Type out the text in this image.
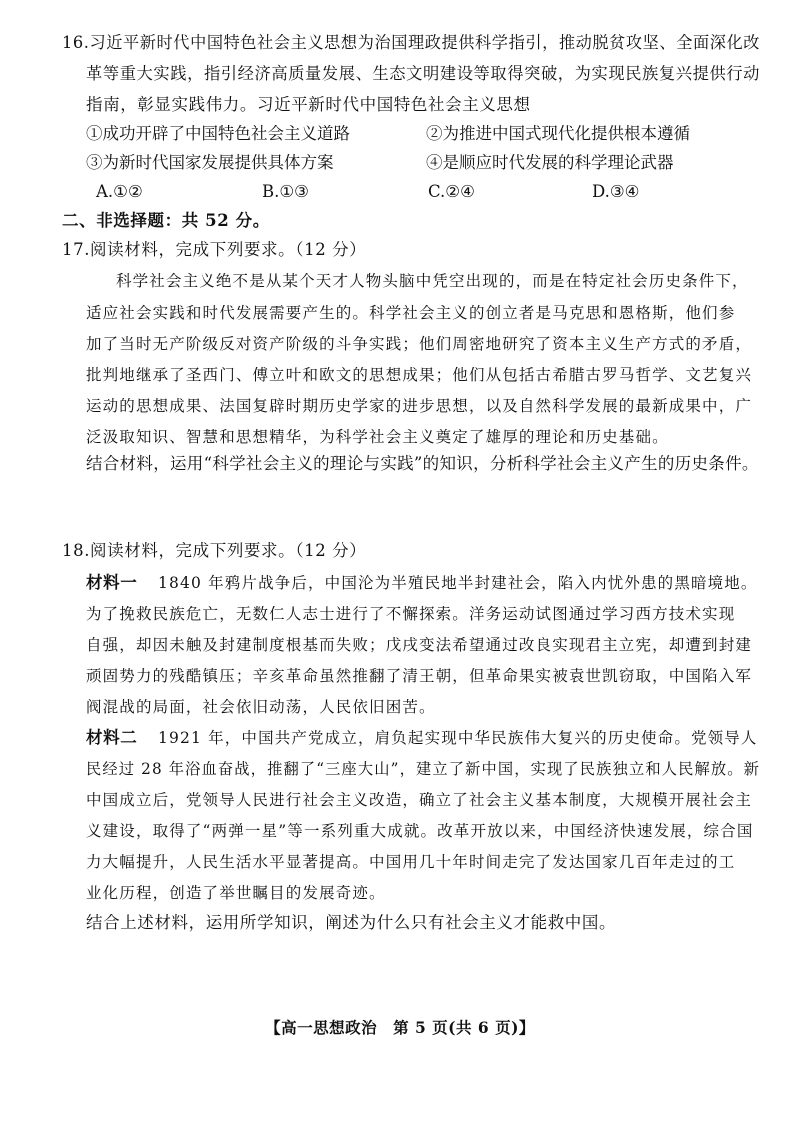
16.习近平新时代中国特色社会主义思想为治国理政提供科学指引，推动脱贫攻坚、全面深化改
革等重大实践，指引经济高质量发展、生态文明建设等取得突破，为实现民族复兴提供行动
指南，彰显实践伟力。习近平新时代中国特色社会主义思想
①成功开辟了中国特色社会主义道路	②为推进中国式现代化提供根本遵循
③为新时代国家发展提供具体方案	④是顺应时代发展的科学理论武器
A.①②	B.①③	C.②④	D.③④
二、非选择题：共 52 分。
17.阅读材料，完成下列要求。（12 分）
科学社会主义绝不是从某个天才人物头脑中凭空出现的，而是在特定社会历史条件下，
适应社会实践和时代发展需要产生的。科学社会主义的创立者是马克思和恩格斯，他们参
加了当时无产阶级反对资产阶级的斗争实践；他们周密地研究了资本主义生产方式的矛盾，
批判地继承了圣西门、傅立叶和欧文的思想成果；他们从包括古希腊古罗马哲学、文艺复兴
运动的思想成果、法国复辟时期历史学家的进步思想，以及自然科学发展的最新成果中，广
泛汲取知识、智慧和思想精华，为科学社会主义奠定了雄厚的理论和历史基础。
结合材料，运用“科学社会主义的理论与实践”的知识，分析科学社会主义产生的历史条件。
18.阅读材料，完成下列要求。（12 分）
材料一 1840 年鸦片战争后，中国沦为半殖民地半封建社会，陷入内忧外患的黑暗境地。
为了挽救民族危亡，无数仁人志士进行了不懈探索。洋务运动试图通过学习西方技术实现
自强，却因未触及封建制度根基而失败；戊戌变法希望通过改良实现君主立宪，却遭到封建
顽固势力的残酷镇压；辛亥革命虽然推翻了清王朝，但革命果实被袁世凯窃取，中国陷入军
阀混战的局面，社会依旧动荡，人民依旧困苦。
材料二 1921 年，中国共产党成立，肩负起实现中华民族伟大复兴的历史使命。党领导人
民经过 28 年浴血奋战，推翻了“三座大山”，建立了新中国，实现了民族独立和人民解放。新
中国成立后，党领导人民进行社会主义改造，确立了社会主义基本制度，大规模开展社会主
义建设，取得了“两弹一星”等一系列重大成就。改革开放以来，中国经济快速发展，综合国
力大幅提升，人民生活水平显著提高。中国用几十年时间走完了发达国家几百年走过的工
业化历程，创造了举世瞩目的发展奇迹。
结合上述材料，运用所学知识，阐述为什么只有社会主义才能救中国。
【高一思想政治　第 5 页(共 6 页)】
